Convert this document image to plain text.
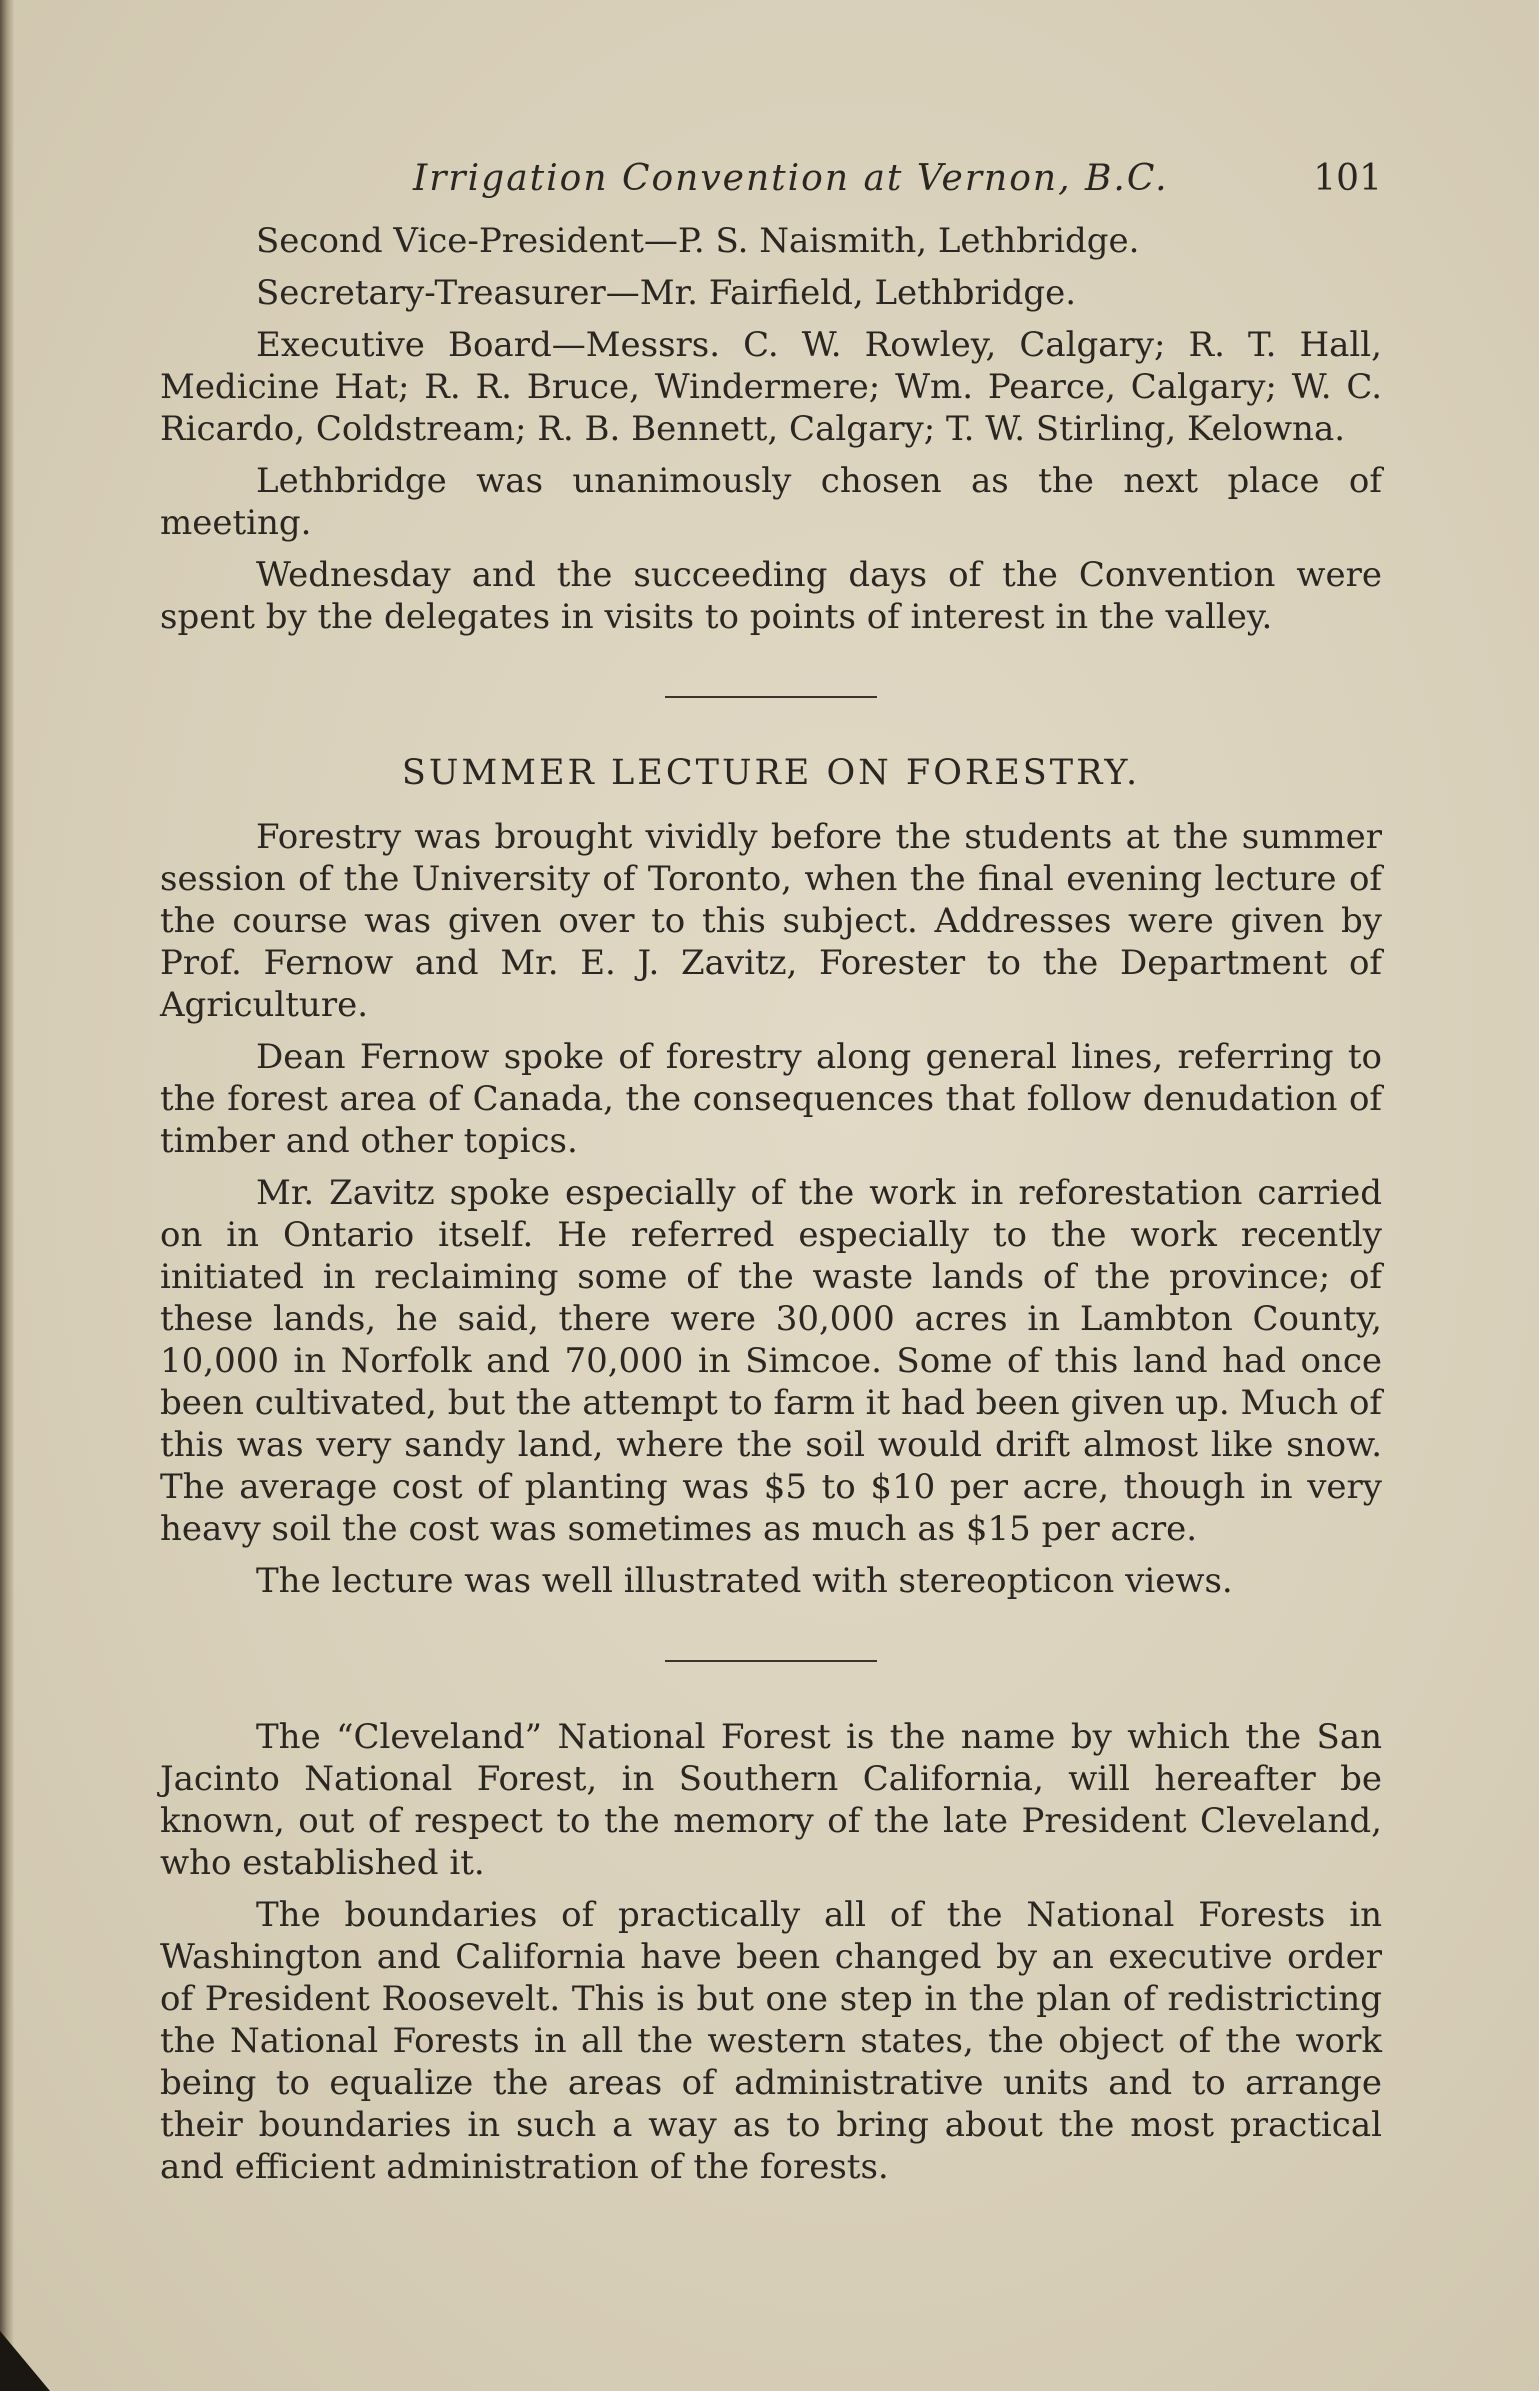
Irrigation Convention at Vernon, B.C.	101

Second Vice-President—P. S. Naismith, Lethbridge.

Secretary-Treasurer—Mr. Fairfield, Lethbridge.

Executive Board—Messrs. C. W. Rowley, Calgary; R. T. Hall, Medicine Hat; R. R. Bruce, Windermere; Wm. Pearce, Calgary; W. C. Ricardo, Coldstream; R. B. Bennett, Calgary; T. W. Stirling, Kelowna.

Lethbridge was unanimously chosen as the next place of meeting.

Wednesday and the succeeding days of the Convention were spent by the delegates in visits to points of interest in the valley.

SUMMER LECTURE ON FORESTRY.

Forestry was brought vividly before the students at the summer session of the University of Toronto, when the final evening lecture of the course was given over to this subject. Addresses were given by Prof. Fernow and Mr. E. J. Zavitz, Forester to the Department of Agriculture.

Dean Fernow spoke of forestry along general lines, referring to the forest area of Canada, the consequences that follow denudation of timber and other topics.

Mr. Zavitz spoke especially of the work in reforestation carried on in Ontario itself. He referred especially to the work recently initiated in reclaiming some of the waste lands of the province; of these lands, he said, there were 30,000 acres in Lambton County, 10,000 in Norfolk and 70,000 in Simcoe. Some of this land had once been cultivated, but the attempt to farm it had been given up. Much of this was very sandy land, where the soil would drift almost like snow. The average cost of planting was $5 to $10 per acre, though in very heavy soil the cost was sometimes as much as $15 per acre.

The lecture was well illustrated with stereopticon views.

The “Cleveland” National Forest is the name by which the San Jacinto National Forest, in Southern California, will hereafter be known, out of respect to the memory of the late President Cleveland, who established it.

The boundaries of practically all of the National Forests in Washington and California have been changed by an executive order of President Roosevelt. This is but one step in the plan of redistricting the National Forests in all the western states, the object of the work being to equalize the areas of administrative units and to arrange their boundaries in such a way as to bring about the most practical and efficient administration of the forests.
